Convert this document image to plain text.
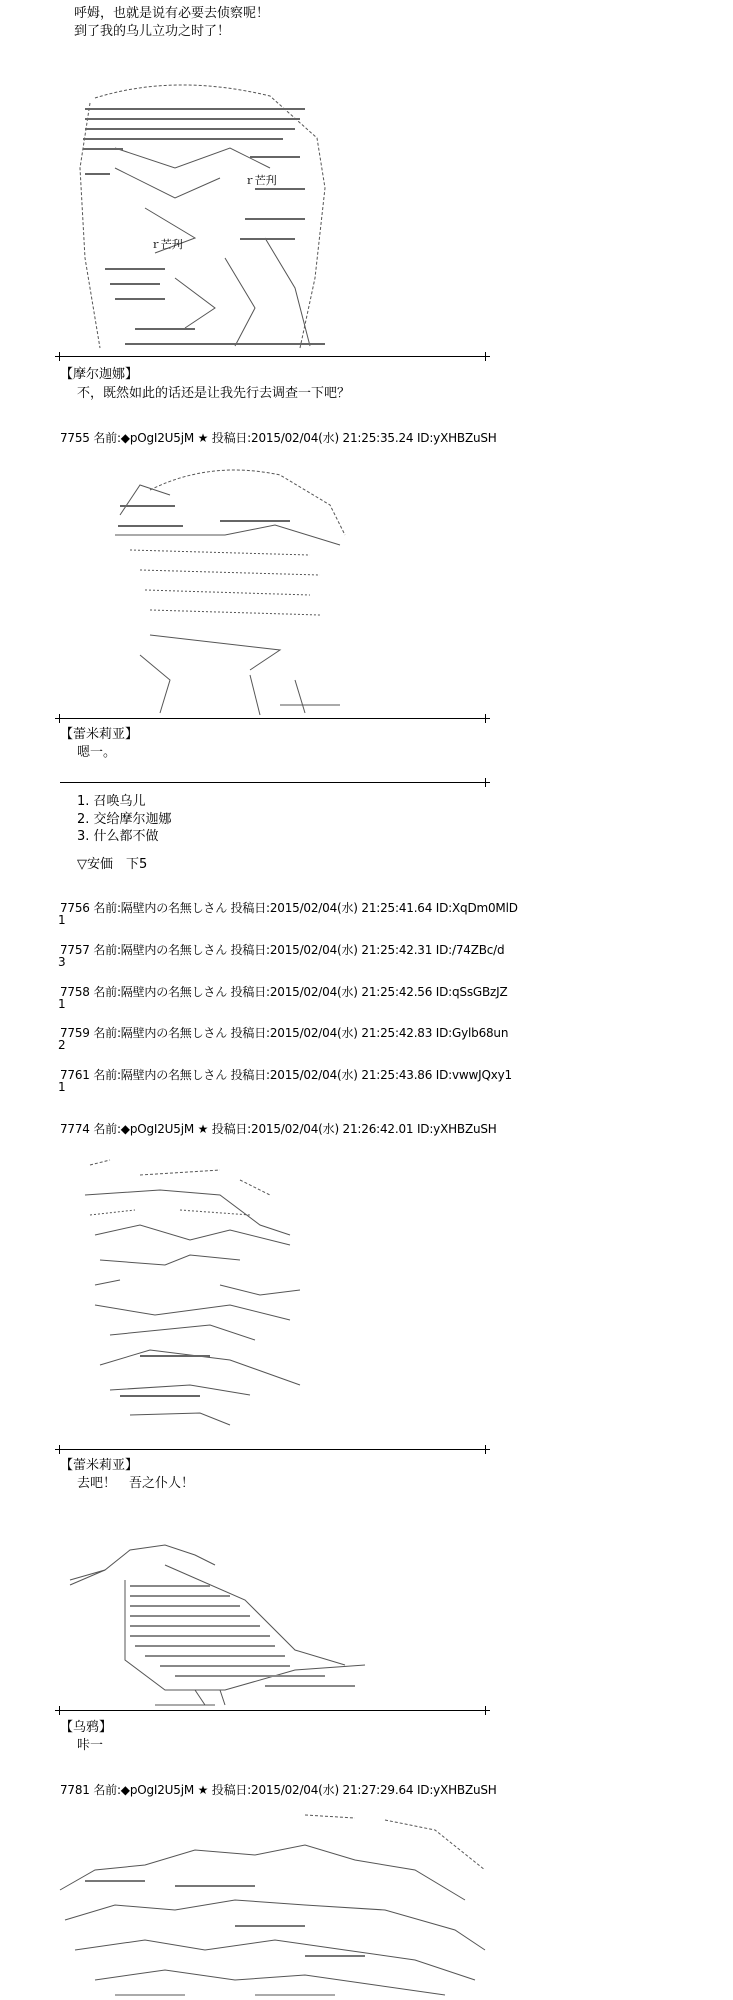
呼姆，也就是说有必要去侦察呢！
到了我的乌儿立功之时了！
ｒ芒刋
ｒ芒刋
【摩尔迦娜】
不，既然如此的话还是让我先行去调查一下吧？
7755 名前:◆pOgI2U5jM ★ 投稿日:2015/02/04(水) 21:25:35.24 ID:yXHBZuSH
【蕾米莉亚】
嗯一。
1. 召唤乌儿
2. 交给摩尔迦娜
3. 什么都不做
▽安価　下5
7756 名前:隔壁内の名無しさん 投稿日:2015/02/04(水) 21:25:41.64 ID:XqDm0MlD
1
7757 名前:隔壁内の名無しさん 投稿日:2015/02/04(水) 21:25:42.31 ID:/74ZBc/d
3
7758 名前:隔壁内の名無しさん 投稿日:2015/02/04(水) 21:25:42.56 ID:qSsGBzJZ
1
7759 名前:隔壁内の名無しさん 投稿日:2015/02/04(水) 21:25:42.83 ID:Gylb68un
2
7761 名前:隔壁内の名無しさん 投稿日:2015/02/04(水) 21:25:43.86 ID:vwwJQxy1
1
7774 名前:◆pOgI2U5jM ★ 投稿日:2015/02/04(水) 21:26:42.01 ID:yXHBZuSH
【蕾米莉亚】
去吧！　吾之仆人！
【乌鸦】
咔一
7781 名前:◆pOgI2U5jM ★ 投稿日:2015/02/04(水) 21:27:29.64 ID:yXHBZuSH
